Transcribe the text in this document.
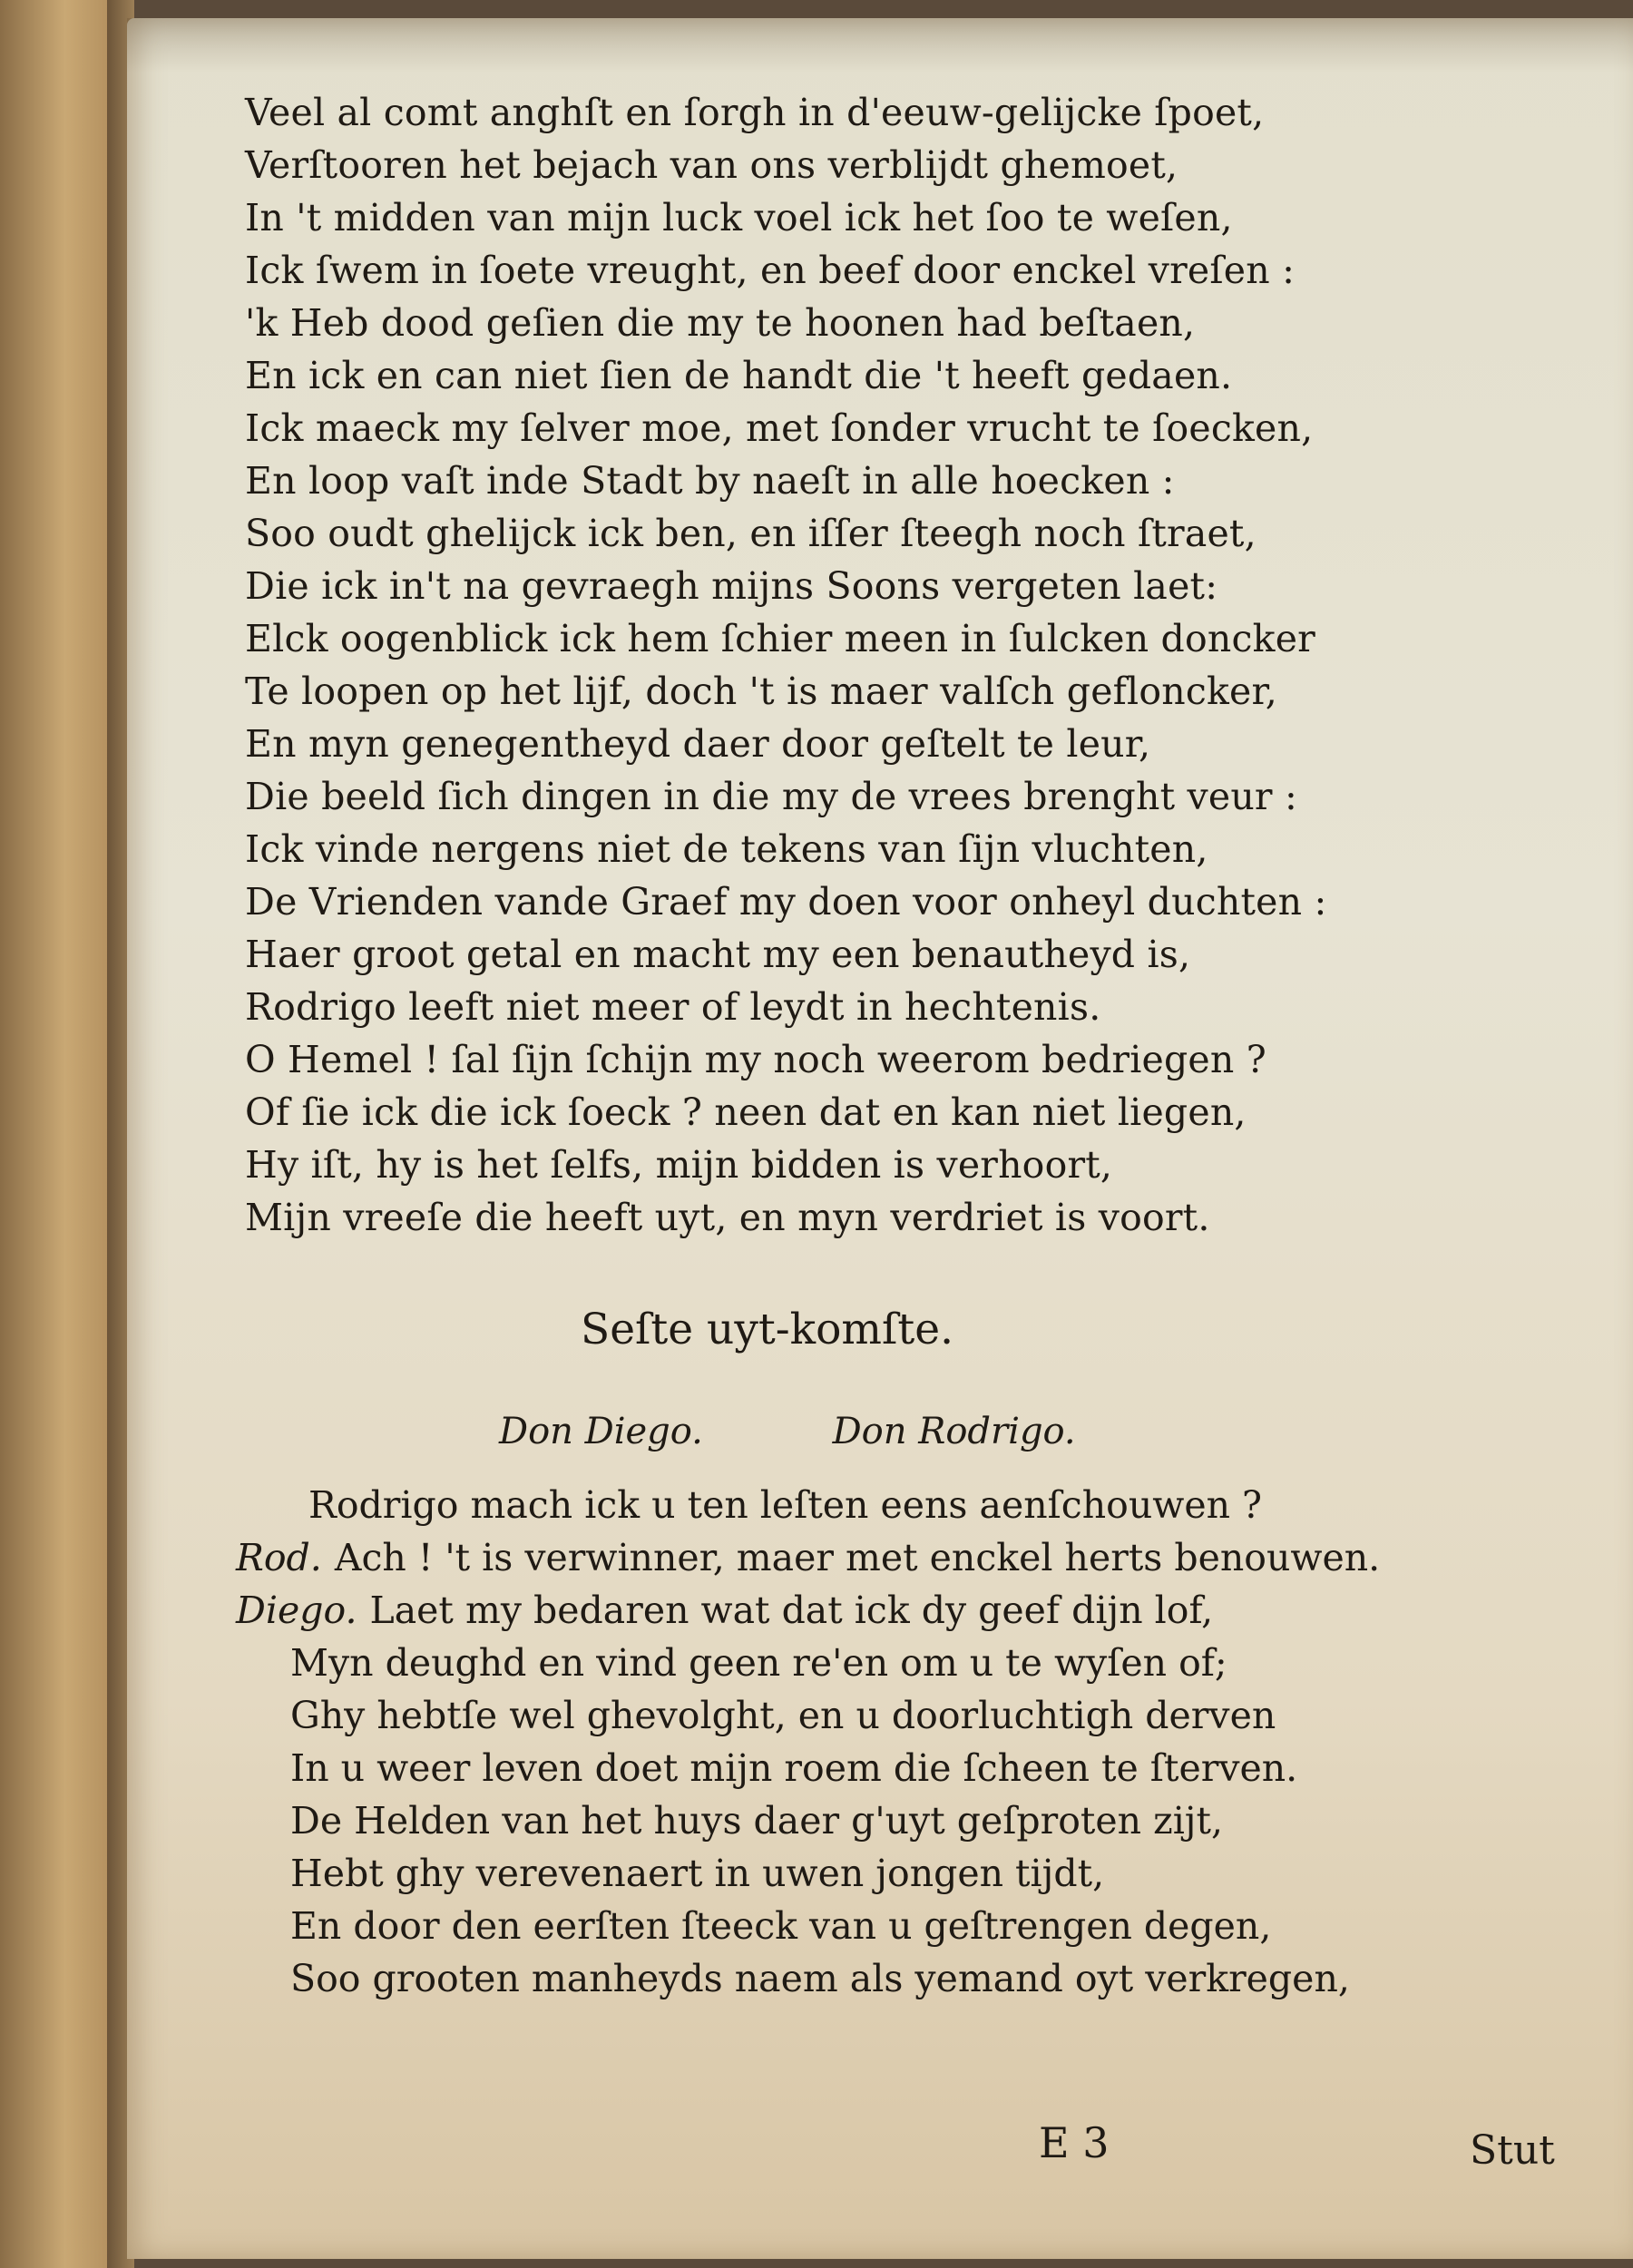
Veel al comt anghſt en ſorgh in d'eeuw-gelijcke ſpoet,
Verſtooren het bejach van ons verblijdt ghemoet,
In 't midden van mijn luck voel ick het ſoo te weſen,
Ick ſwem in ſoete vreught, en beef door enckel vreſen :
'k Heb dood geſien die my te hoonen had beſtaen,
En ick en can niet ſien de handt die 't heeft gedaen.
Ick maeck my ſelver moe, met ſonder vrucht te ſoecken,
En loop vaſt inde Stadt by naeſt in alle hoecken :
Soo oudt ghelijck ick ben, en iſſer ſteegh noch ſtraet,
Die ick in't na gevraegh mijns Soons vergeten laet:
Elck oogenblick ick hem ſchier meen in ſulcken doncker
Te loopen op het lijf, doch 't is maer valſch gefloncker,
En myn genegentheyd daer door geſtelt te leur,
Die beeld ſich dingen in die my de vrees brenght veur :
Ick vinde nergens niet de tekens van ſijn vluchten,
De Vrienden vande Graef my doen voor onheyl duchten :
Haer groot getal en macht my een benautheyd is,
Rodrigo leeft niet meer of leydt in hechtenis.
O Hemel ! ſal ſijn ſchijn my noch weerom bedriegen ?
Of ſie ick die ick ſoeck ? neen dat en kan niet liegen,
Hy iſt, hy is het ſelfs, mijn bidden is verhoort,
Mijn vreeſe die heeft uyt, en myn verdriet is voort.
Seſte uyt-komſte.
Don Diego.	Don Rodrigo.
Rodrigo mach ick u ten leſten eens aenſchouwen ?
Rod. Ach ! 't is verwinner, maer met enckel herts benouwen.
Diego. Laet my bedaren wat dat ick dy geef dijn lof,
Myn deughd en vind geen re'en om u te wyſen of;
Ghy hebtſe wel ghevolght, en u doorluchtigh derven
In u weer leven doet mijn roem die ſcheen te ſterven.
De Helden van het huys daer g'uyt geſproten zijt,
Hebt ghy verevenaert in uwen jongen tijdt,
En door den eerſten ſteeck van u geſtrengen degen,
Soo grooten manheyds naem als yemand oyt verkregen,
E 3	Stut
